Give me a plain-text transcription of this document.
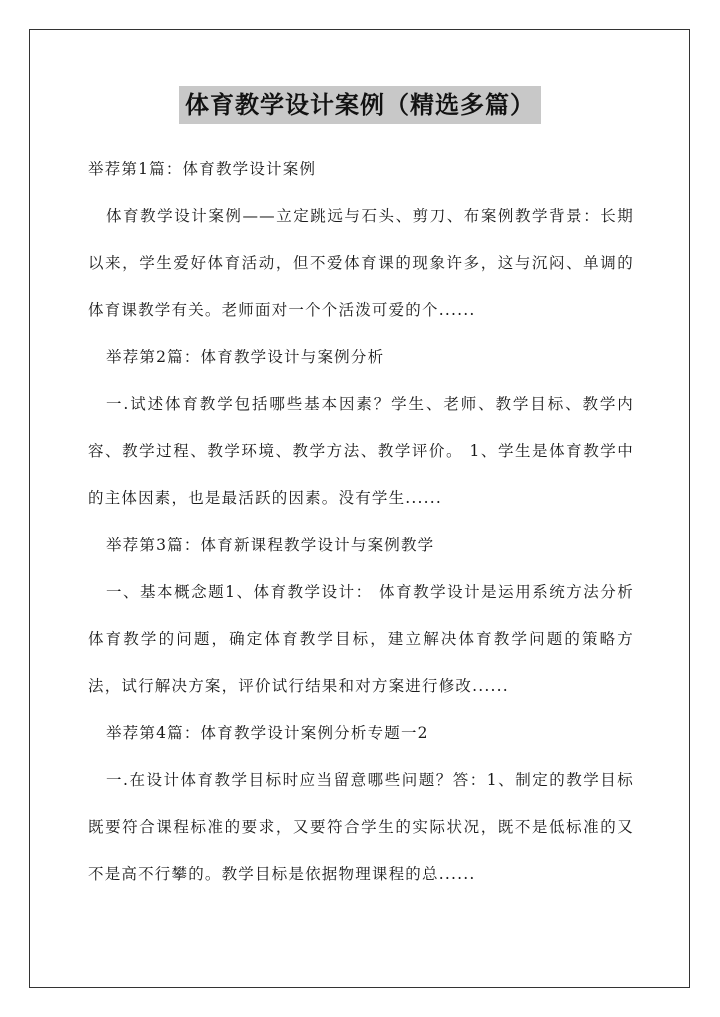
体育教学设计案例（精选多篇）

举荐第1篇：体育教学设计案例

体育教学设计案例——立定跳远与石头、剪刀、布案例教学背景：长期以来，学生爱好体育活动，但不爱体育课的现象许多，这与沉闷、单调的体育课教学有关。老师面对一个个活泼可爱的个......

举荐第2篇：体育教学设计与案例分析

一.试述体育教学包括哪些基本因素？学生、老师、教学目标、教学内容、教学过程、教学环境、教学方法、教学评价。 1、学生是体育教学中的主体因素，也是最活跃的因素。没有学生......

举荐第3篇：体育新课程教学设计与案例教学

一、基本概念题1、体育教学设计： 体育教学设计是运用系统方法分析体育教学的问题，确定体育教学目标，建立解决体育教学问题的策略方法，试行解决方案，评价试行结果和对方案进行修改......

举荐第4篇：体育教学设计案例分析专题一2

一.在设计体育教学目标时应当留意哪些问题？答：1、制定的教学目标既要符合课程标准的要求，又要符合学生的实际状况，既不是低标准的又不是高不行攀的。教学目标是依据物理课程的总......
